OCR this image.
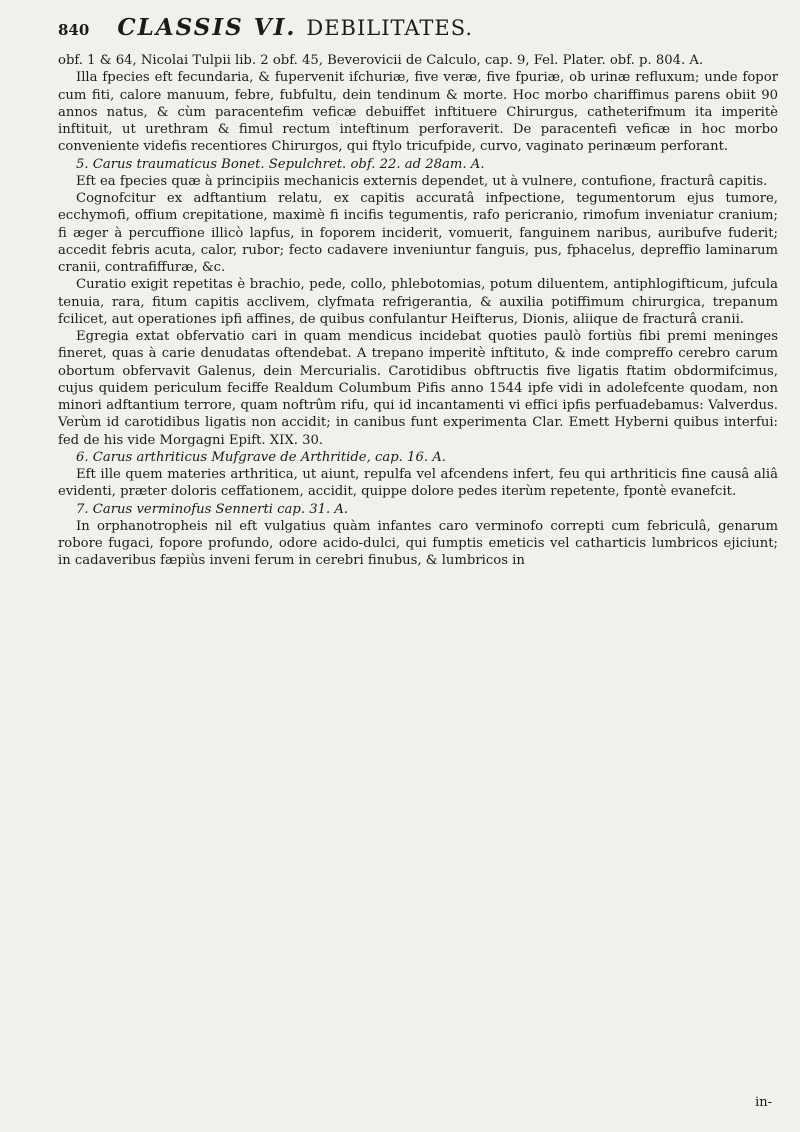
840 CLASSIS VI. DEBILITATES.

obf. 1 & 64, Nicolai Tulpii lib. 2 obf. 45, Beverovicii de Calculo, cap. 9, Fel. Plater. obf. p. 804. A.

Illa fpecies eft fecundaria, & fupervenit ifchuriæ, five veræ, five fpuriæ, ob urinæ refluxum; unde fopor cum fiti, calore manuum, febre, fubfultu, dein tendinum & morte. Hoc morbo chariffimus parens obiit 90 annos natus, & cùm paracentefim veficæ debuiffet inftituere Chirurgus, catheterifmum ita imperitè inftituit, ut urethram & fimul rectum inteftinum perforaverit. De paracentefi veficæ in hoc morbo conveniente videfis recentiores Chirurgos, qui ftylo tricufpide, curvo, vaginato perinæum perforant.

5. Carus traumaticus Bonet. Sepulchret. obf. 22. ad 28am. A.

Eft ea fpecies quæ à principiis mechanicis externis dependet, ut à vulnere, contufione, fracturâ capitis.

Cognofcitur ex adftantium relatu, ex capitis accuratâ infpectione, tegumentorum ejus tumore, ecchymofi, offium crepitatione, maximè fi incifis tegumentis, rafo pericranio, rimofum inveniatur cranium; fi æger à percuffione illicò lapfus, in foporem inciderit, vomuerit, fanguinem naribus, auribufve fuderit; accedit febris acuta, calor, rubor; fecto cadavere inveniuntur fanguis, pus, fphacelus, depreffio laminarum cranii, contrafiffuræ, &c.

Curatio exigit repetitas è brachio, pede, collo, phlebotomias, potum diluentem, antiphlogifticum, jufcula tenuia, rara, fitum capitis acclivem, clyfmata refrigerantia, & auxilia potiffimum chirurgica, trepanum fcilicet, aut operationes ipfi affines, de quibus confulantur Heifterus, Dionis, aliique de fracturâ cranii.

Egregia extat obfervatio cari in quam mendicus incidebat quoties paulò fortiùs fibi premi meninges fineret, quas à carie denudatas oftendebat. A trepano imperitè inftituto, & inde compreffo cerebro carum obortum obfervavit Galenus, dein Mercurialis. Carotidibus obftructis five ligatis ftatim obdormifcimus, cujus quidem periculum feciffe Realdum Columbum Pifis anno 1544 ipfe vidi in adolefcente quodam, non minori adftantium terrore, quam noftrûm rifu, qui id incantamenti vi effici ipfis perfuadebamus: Valverdus. Verùm id carotidibus ligatis non accidit; in canibus funt experimenta Clar. Emett Hyberni quibus interfui: fed de his vide Morgagni Epift. XIX. 30.

6. Carus arthriticus Mufgrave de Arthritide, cap. 16. A.

Eft ille quem materies arthritica, ut aiunt, repulfa vel afcendens infert, feu qui arthriticis fine causâ aliâ evidenti, præter doloris ceffationem, accidit, quippe dolore pedes iterùm repetente, fpontè evanefcit.

7. Carus verminofus Sennerti cap. 31. A.

In orphanotropheis nil eft vulgatius quàm infantes caro verminofo correpti cum febriculâ, genarum robore fugaci, fopore profundo, odore acido-dulci, qui fumptis emeticis vel catharticis lumbricos ejiciunt; in cadaveribus fæpiùs inveni ferum in cerebri finubus, & lumbricos in

in-
